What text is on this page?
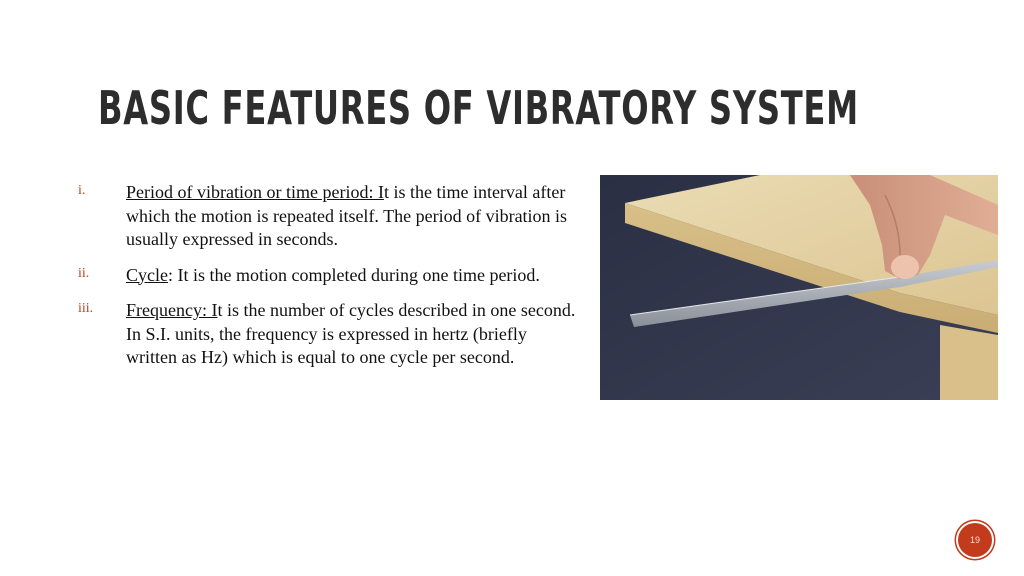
BASIC FEATURES OF VIBRATORY SYSTEM
i. Period of vibration or time period: It is the time interval after which the motion is repeated itself. The period of vibration is usually expressed in seconds.
ii. Cycle: It is the motion completed during one time period.
iii. Frequency: It is the number of cycles described in one second. In S.I. units, the frequency is expressed in hertz (briefly written as Hz) which is equal to one cycle per second.
19
